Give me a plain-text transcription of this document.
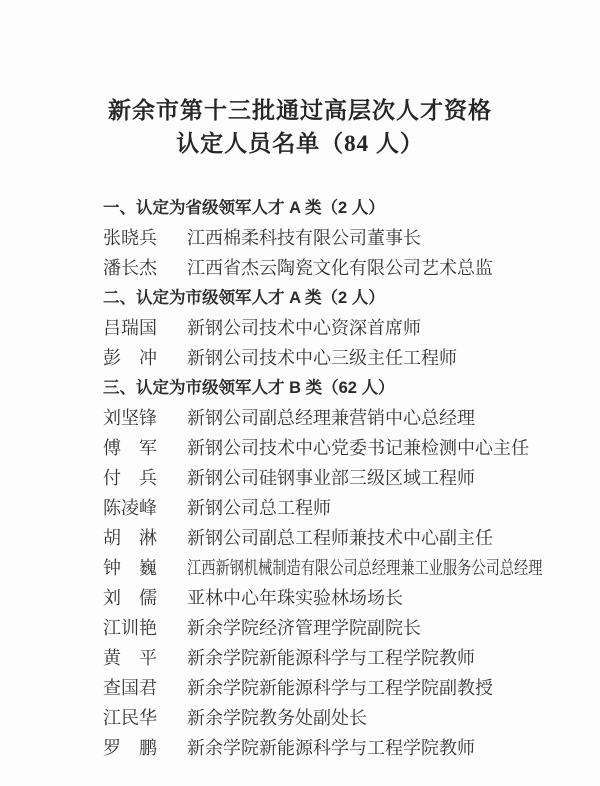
新余市第十三批通过高层次人才资格
认定人员名单（84 人）
一、认定为省级领军人才 A 类（2 人）
张晓兵	江西棉柔科技有限公司董事长
潘长杰	江西省杰云陶瓷文化有限公司艺术总监
二、认定为市级领军人才 A 类（2 人）
吕瑞国	新钢公司技术中心资深首席师
彭　冲	新钢公司技术中心三级主任工程师
三、认定为市级领军人才 B 类（62 人）
刘坚锋	新钢公司副总经理兼营销中心总经理
傅　军	新钢公司技术中心党委书记兼检测中心主任
付　兵	新钢公司硅钢事业部三级区域工程师
陈凌峰	新钢公司总工程师
胡　淋	新钢公司副总工程师兼技术中心副主任
钟　巍	江西新钢机械制造有限公司总经理兼工业服务公司总经理
刘　儒	亚林中心年珠实验林场场长
江训艳	新余学院经济管理学院副院长
黄　平	新余学院新能源科学与工程学院教师
查国君	新余学院新能源科学与工程学院副教授
江民华	新余学院教务处副处长
罗　鹏	新余学院新能源科学与工程学院教师
